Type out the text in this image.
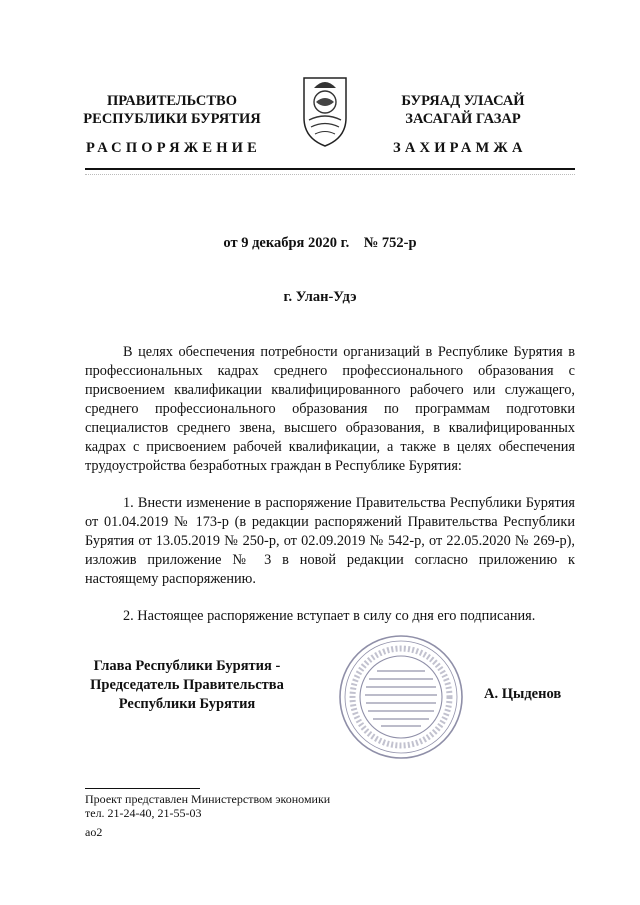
ПРАВИТЕЛЬСТВО
РЕСПУБЛИКИ БУРЯТИЯ
БУРЯАД УЛАСАЙ
ЗАСАГАЙ ГАЗАР
РАСПОРЯЖЕНИЕ	ЗАХИРАМЖА
от 9 декабря 2020 г.    № 752-р
г. Улан-Удэ

В целях обеспечения потребности организаций в Республике Бурятия в профессиональных кадрах среднего профессионального образования с присвоением квалификации квалифицированного рабочего или служащего, среднего профессионального образования по программам подготовки специалистов среднего звена, высшего образования, в квалифицированных кадрах с присвоением рабочей квалификации, а также в целях обеспечения трудоустройства безработных граждан в Республике Бурятия:

1. Внести изменение в распоряжение Правительства Республики Бурятия от 01.04.2019 № 173-р (в редакции распоряжений Правительства Республики Бурятия от 13.05.2019 № 250-р, от 02.09.2019 № 542-р, от 22.05.2020 № 269-р), изложив приложение № 3 в новой редакции согласно приложению к настоящему распоряжению.

2. Настоящее распоряжение вступает в силу со дня его подписания.

Глава Республики Бурятия -
Председатель Правительства
Республики Бурятия
А. Цыденов
Проект представлен Министерством экономики
тел. 21-24-40, 21-55-03
ао2
